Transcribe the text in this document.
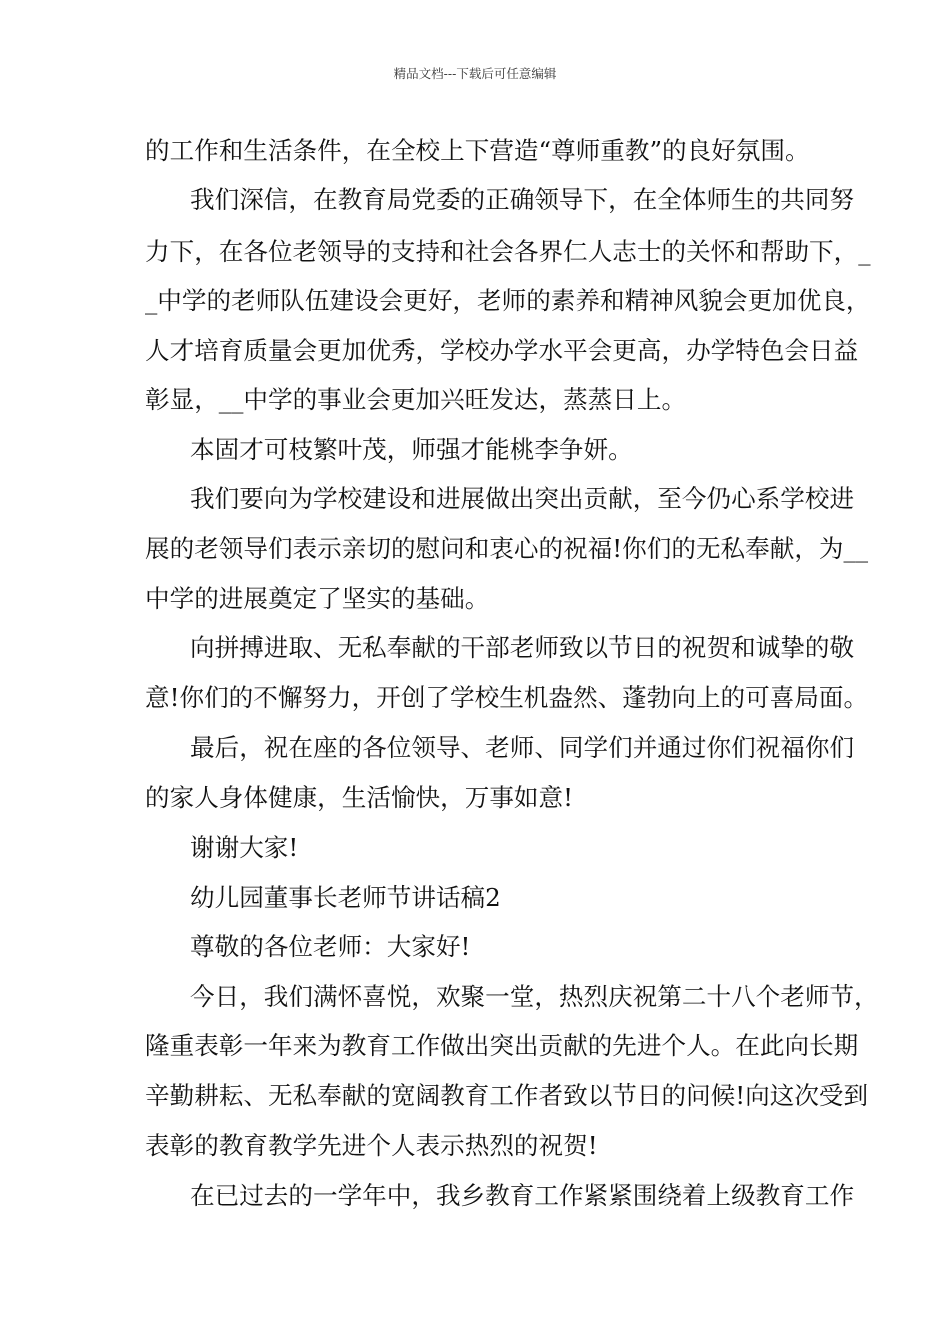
精品文档---下载后可任意编辑
的工作和生活条件，在全校上下营造“尊师重教”的良好氛围。
我们深信，在教育局党委的正确领导下，在全体师生的共同努
力下，在各位老领导的支持和社会各界仁人志士的关怀和帮助下，_
_中学的老师队伍建设会更好，老师的素养和精神风貌会更加优良，
人才培育质量会更加优秀，学校办学水平会更高，办学特色会日益
彰显，__中学的事业会更加兴旺发达，蒸蒸日上。
本固才可枝繁叶茂，师强才能桃李争妍。
我们要向为学校建设和进展做出突出贡献，至今仍心系学校进
展的老领导们表示亲切的慰问和衷心的祝福!你们的无私奉献，为__
中学的进展奠定了坚实的基础。
向拼搏进取、无私奉献的干部老师致以节日的祝贺和诚挚的敬
意!你们的不懈努力，开创了学校生机盎然、蓬勃向上的可喜局面。
最后，祝在座的各位领导、老师、同学们并通过你们祝福你们
的家人身体健康，生活愉快，万事如意!
谢谢大家!
幼儿园董事长老师节讲话稿2
尊敬的各位老师：大家好!
今日，我们满怀喜悦，欢聚一堂，热烈庆祝第二十八个老师节，
隆重表彰一年来为教育工作做出突出贡献的先进个人。在此向长期
辛勤耕耘、无私奉献的宽阔教育工作者致以节日的问候!向这次受到
表彰的教育教学先进个人表示热烈的祝贺!
在已过去的一学年中，我乡教育工作紧紧围绕着上级教育工作
